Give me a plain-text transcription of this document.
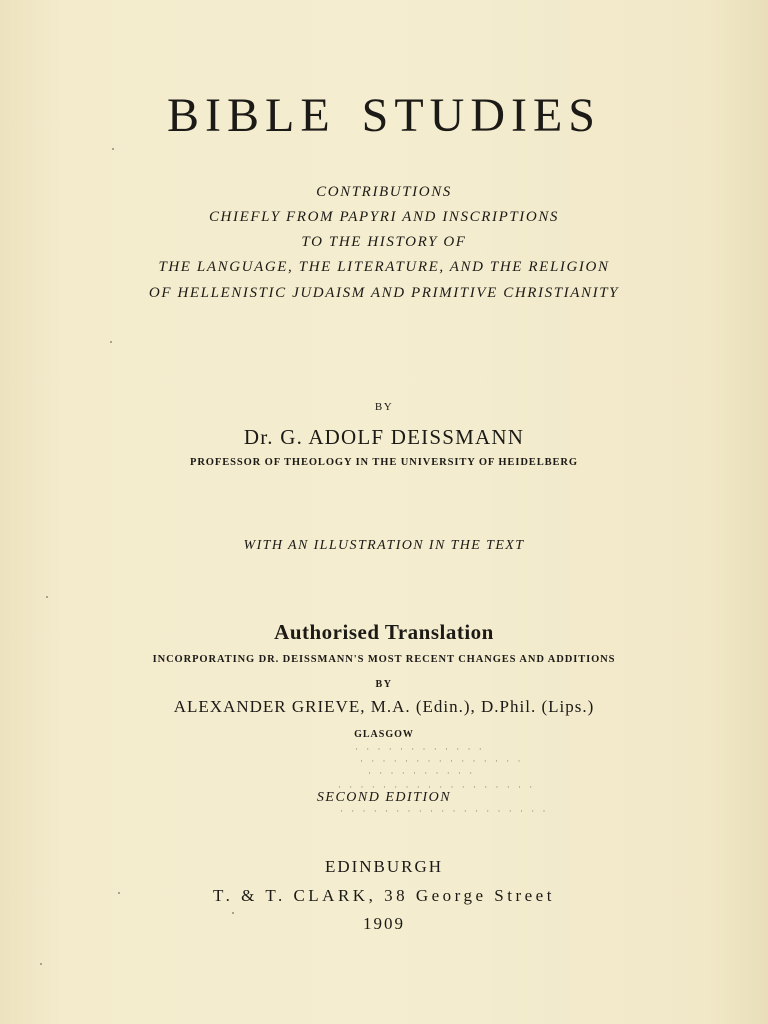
BIBLE STUDIES
CONTRIBUTIONS
CHIEFLY FROM PAPYRI AND INSCRIPTIONS
TO THE HISTORY OF
THE LANGUAGE, THE LITERATURE, AND THE RELIGION
OF HELLENISTIC JUDAISM AND PRIMITIVE CHRISTIANITY
BY
Dr. G. ADOLF DEISSMANN
PROFESSOR OF THEOLOGY IN THE UNIVERSITY OF HEIDELBERG
WITH AN ILLUSTRATION IN THE TEXT
Authorised Translation
INCORPORATING DR. DEISSMANN'S MOST RECENT CHANGES AND ADDITIONS
BY
ALEXANDER GRIEVE, M.A. (Edin.), D.Phil. (Lips.)
GLASGOW
· · · · · · · · · · · ·
· · · · · · · · · · · · · · ·
· · · · · · · · · ·
· · · · · · · · · · · · · · · · · ·
SECOND EDITION
· · · · · · · · · · · · · · · · · · ·
EDINBURGH
T. & T. CLARK, 38 George Street
1909
